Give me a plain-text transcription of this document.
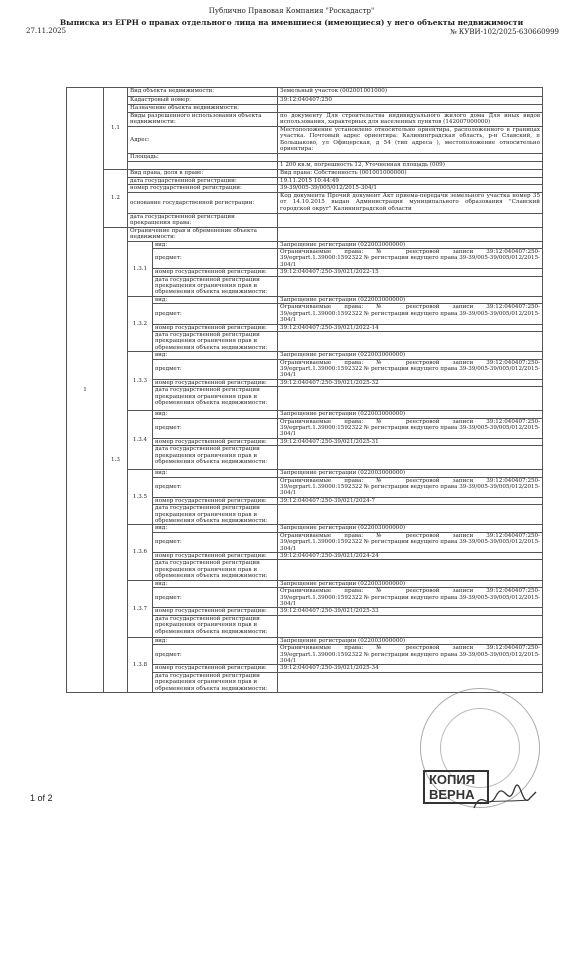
Публично Правовая Компания "Роскадастр"
Выписка из ЕГРН о правах отдельного лица на имевшиеся (имеющиеся) у него объекты недвижимости
27.11.2025	№ КУВИ-102/2025-630660999
1	1.1	Вид объекта недвижимости:		Земельный участок (002001001000)
		Кадастровый номер:		39:12:040407:250
		Назначение объекта недвижимости:		
		Виды разрешенного использования объекта недвижимости:		по документу Для строительства индивидуального жилого дома Для иных видов использования, характерных для населенных пунктов (142007000000)
		Адрес:		Местоположение установлено относительно ориентира, расположенного в границах участка. Почтовый адрес ориентира: Калининградская область, р-н Славский, п Большаково, ул Офицерская, д 54 (тип адреса ), местоположение относительно ориентира:
		Площадь:		
				1 200 кв.м, погрешность 12, Уточненная площадь (009)
	1.2	Вид права, доля в праве:		Вид права: Собственность (001001000000)
		дата государственной регистрации:		19.11.2015 10:44:49
		номер государственной регистрации:		39-39/005-39/005/012/2015-304/1
		основание государственной регистрации:		Код документа Прочий документ Акт приема-передачи земельного участка номер 35 от 14.10.2015 выдан Администрация муниципального образования "Славский городской округ" Калининградской области
		дата государственной регистрации прекращения права:		
	1.3	Ограничение прав и обременение объекта недвижимости:		
		1.3.1	вид:	Запрещение регистрации (022003000000)
			предмет:	Ограничиваемые права: № реестровой записи 39:12:040407:250-39/egrpart.1.39000:1592322 № регистрации ведущего права 39-39/005-39/005/012/2015-304/1
			номер государственной регистрации:	39:12:040407:250-39/021/2022-15
			дата государственной регистрации прекращения ограничения прав и обременения объекта недвижимости:	
		1.3.2	вид:	Запрещение регистрации (022003000000)
			предмет:	Ограничиваемые права: № реестровой записи 39:12:040407:250-39/egrpart.1.39000:1592322 № регистрации ведущего права 39-39/005-39/005/012/2015-304/1
			номер государственной регистрации:	39:12:040407:250-39/021/2022-14
			дата государственной регистрации прекращения ограничения прав и обременения объекта недвижимости:	
		1.3.3	вид:	Запрещение регистрации (022003000000)
			предмет:	Ограничиваемые права: № реестровой записи 39:12:040407:250-39/egrpart.1.39000:1592322 № регистрации ведущего права 39-39/005-39/005/012/2015-304/1
			номер государственной регистрации:	39:12:040407:250-39/021/2025-32
			дата государственной регистрации прекращения ограничения прав и обременения объекта недвижимости:	
		1.3.4	вид:	Запрещение регистрации (022003000000)
			предмет:	Ограничиваемые права: № реестровой записи 39:12:040407:250-39/egrpart.1.39000:1592322 № регистрации ведущего права 39-39/005-39/005/012/2015-304/1
			номер государственной регистрации:	39:12:040407:250-39/021/2025-31
			дата государственной регистрации прекращения ограничения прав и обременения объекта недвижимости:	
		1.3.5	вид:	Запрещение регистрации (022003000000)
			предмет:	Ограничиваемые права: № реестровой записи 39:12:040407:250-39/egrpart.1.39000:1592322 № регистрации ведущего права 39-39/005-39/005/012/2015-304/1
			номер государственной регистрации:	39:12:040407:250-39/021/2024-7
			дата государственной регистрации прекращения ограничения прав и обременения объекта недвижимости:	
		1.3.6	вид:	Запрещение регистрации (022003000000)
			предмет:	Ограничиваемые права: № реестровой записи 39:12:040407:250-39/egrpart.1.39000:1592322 № регистрации ведущего права 39-39/005-39/005/012/2015-304/1
			номер государственной регистрации:	39:12:040407:250-39/021/2024-24
			дата государственной регистрации прекращения ограничения прав и обременения объекта недвижимости:	
		1.3.7	вид:	Запрещение регистрации (022003000000)
			предмет:	Ограничиваемые права: № реестровой записи 39:12:040407:250-39/egrpart.1.39000:1592322 № регистрации ведущего права 39-39/005-39/005/012/2015-304/1
			номер государственной регистрации:	39:12:040407:250-39/021/2025-33
			дата государственной регистрации прекращения ограничения прав и обременения объекта недвижимости:	
		1.3.8	вид:	Запрещение регистрации (022003000000)
			предмет:	Ограничиваемые права: № реестровой записи 39:12:040407:250-39/egrpart.1.39000:1592322 № регистрации ведущего права 39-39/005-39/005/012/2015-304/1
			номер государственной регистрации:	39:12:040407:250-39/021/2025-34
			дата государственной регистрации прекращения ограничения прав и обременения объекта недвижимости:	
1 of 2
КОПИЯ
ВЕРНА
